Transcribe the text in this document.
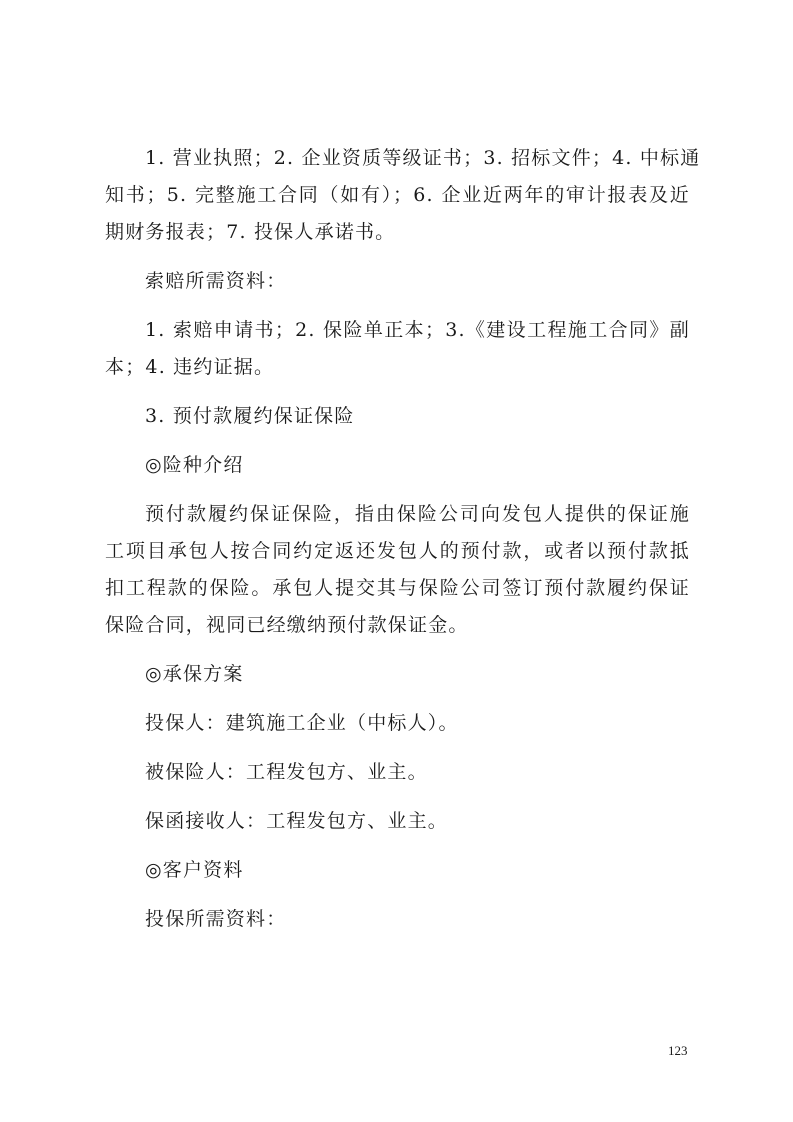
1. 营业执照；2. 企业资质等级证书；3. 招标文件；4. 中标通
知书；5. 完整施工合同（如有）；6. 企业近两年的审计报表及近
期财务报表；7. 投保人承诺书。
索赔所需资料：
1. 索赔申请书；2. 保险单正本；3.《建设工程施工合同》副
本；4. 违约证据。
3. 预付款履约保证保险
◎险种介绍
预付款履约保证保险，指由保险公司向发包人提供的保证施
工项目承包人按合同约定返还发包人的预付款，或者以预付款抵
扣工程款的保险。承包人提交其与保险公司签订预付款履约保证
保险合同，视同已经缴纳预付款保证金。
◎承保方案
投保人：建筑施工企业（中标人）。
被保险人：工程发包方、业主。
保函接收人：工程发包方、业主。
◎客户资料
投保所需资料：
123
